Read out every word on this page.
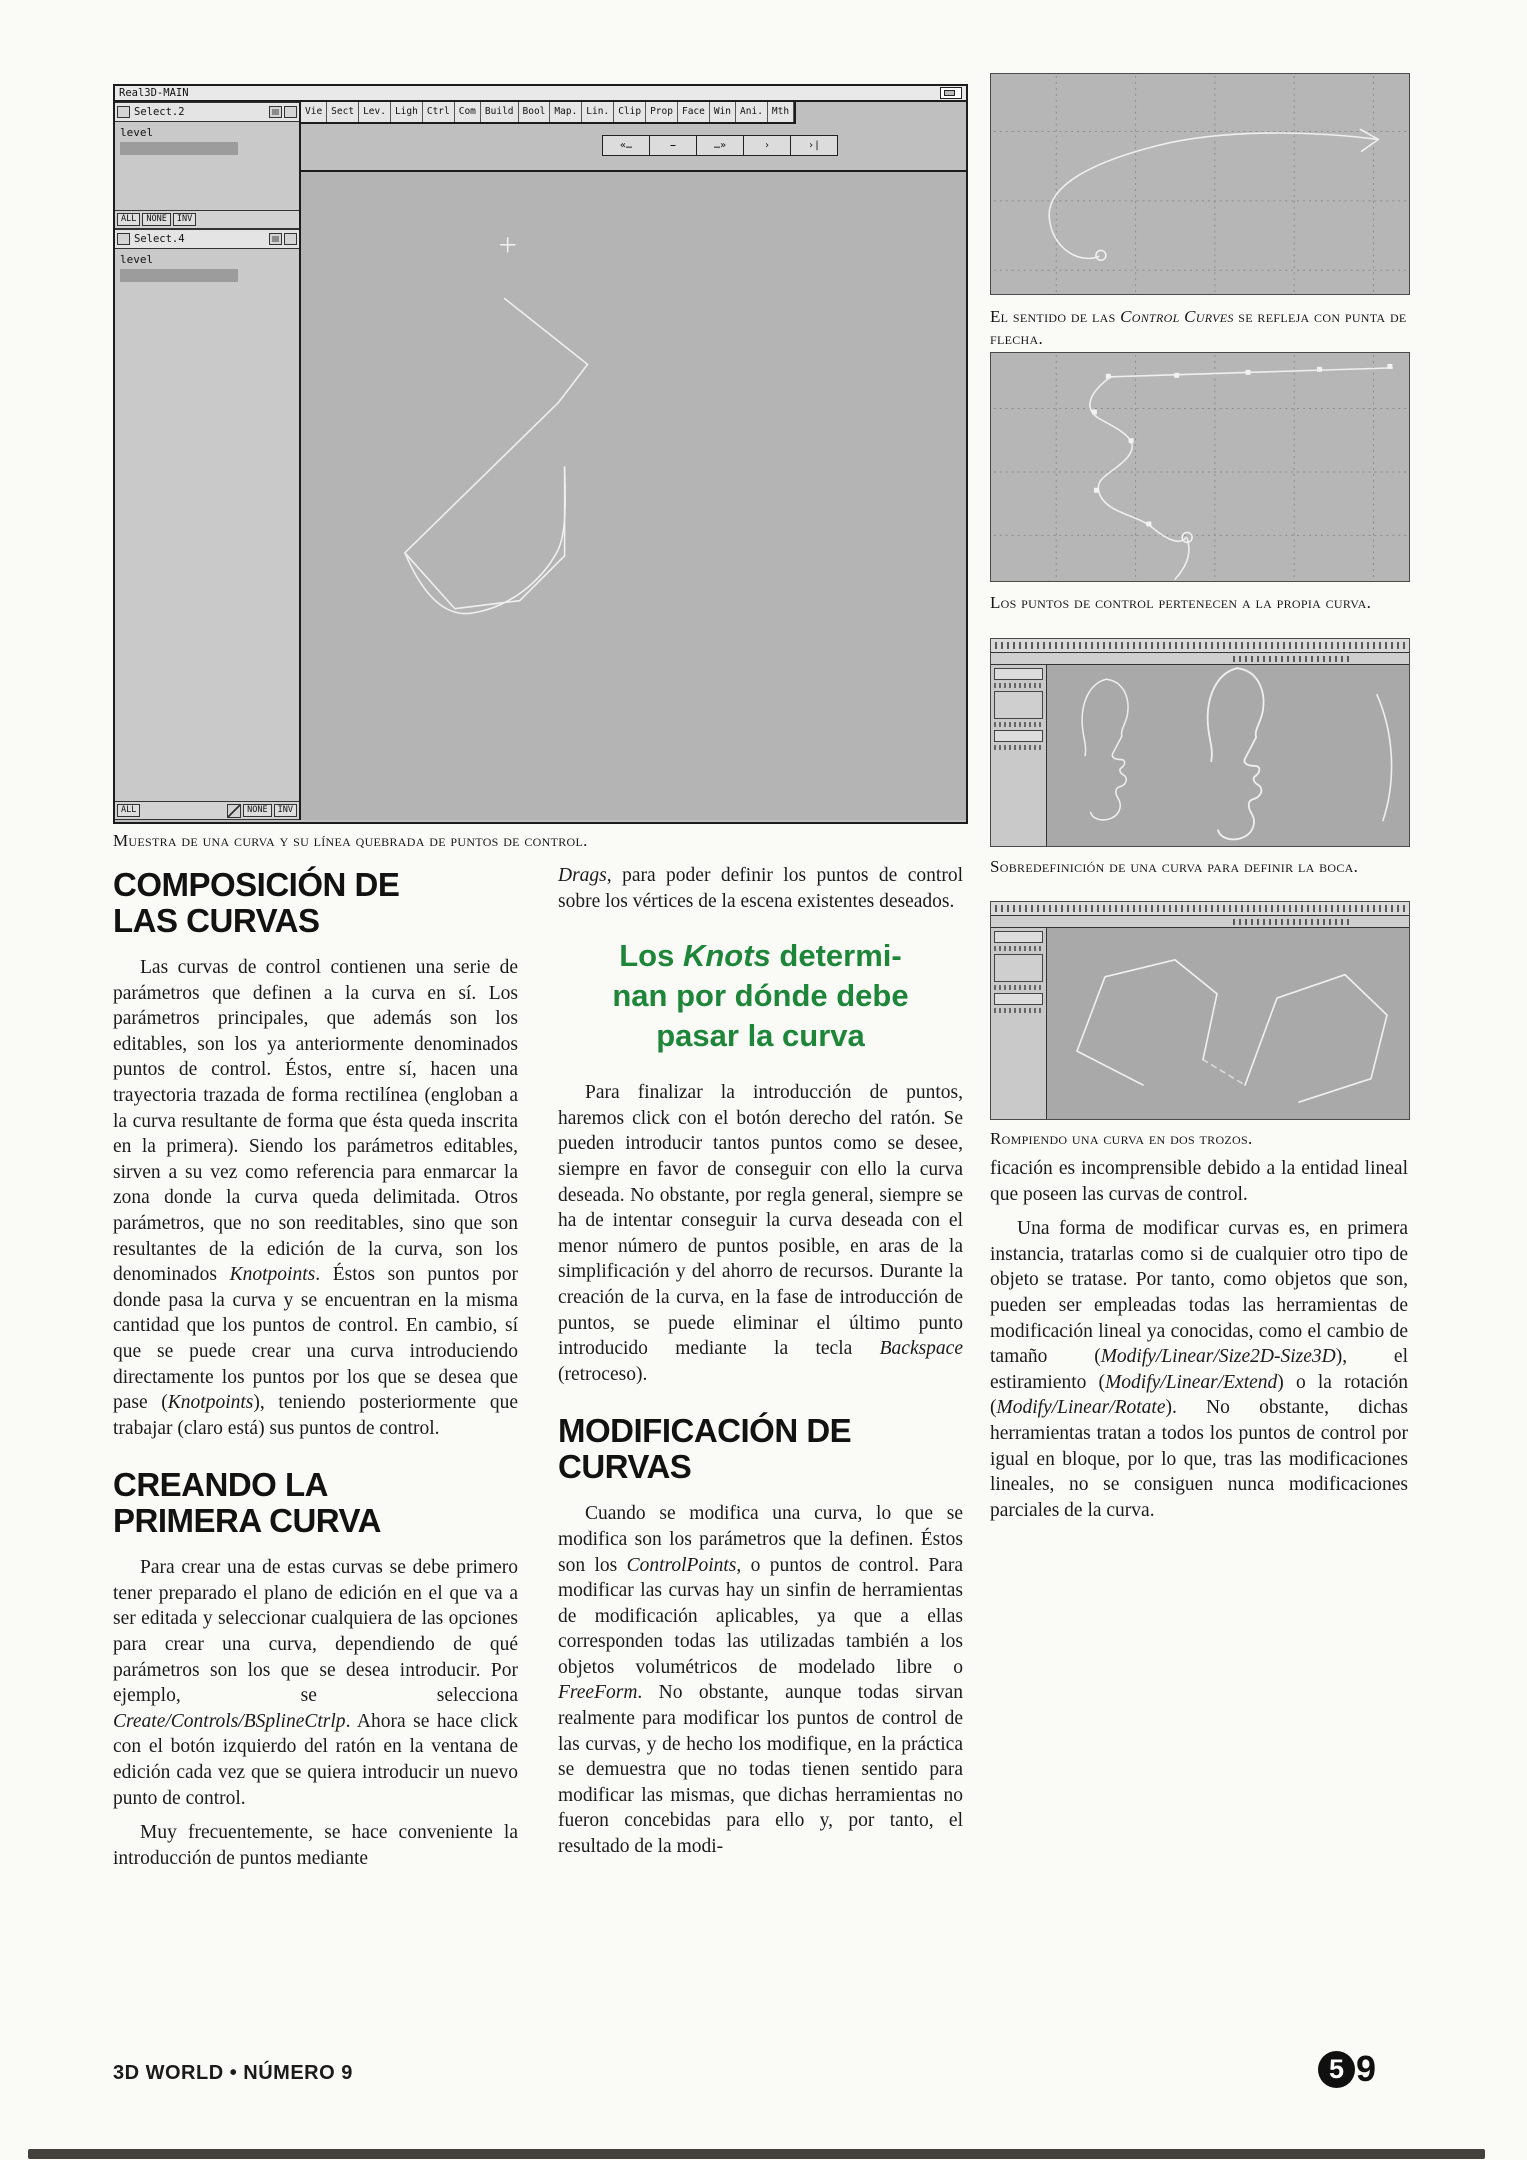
Real3D-MAIN
Select.2
level
ALL	NONE	INV
Select.4
level
ALL	NONE	INV
Vie Sect Lev. Ligh Ctrl Com Build Bool Map. Lin. Clip Prop Face Win Ani. Mth
«…	⎯	…»	›	›|
Muestra de una curva y su línea quebrada de puntos de control.
El sentido de las Control Curves se refleja con punta de flecha.
Los puntos de control pertenecen a la propia curva.
Sobredefinición de una curva para definir la boca.
Rompiendo una curva en dos trozos.
COMPOSICIÓN DE LAS CURVAS

Las curvas de control contienen una serie de parámetros que definen a la curva en sí. Los parámetros principales, que además son los editables, son los ya anteriormente denominados puntos de control. Éstos, entre sí, hacen una trayectoria trazada de forma rectilínea (engloban a la curva resultante de forma que ésta queda inscrita en la primera). Siendo los parámetros editables, sirven a su vez como referencia para enmarcar la zona donde la curva queda delimitada. Otros parámetros, que no son reeditables, sino que son resultantes de la edición de la curva, son los denominados Knotpoints. Éstos son puntos por donde pasa la curva y se encuentran en la misma cantidad que los puntos de control. En cambio, sí que se puede crear una curva introduciendo directamente los puntos por los que se desea que pase (Knotpoints), teniendo posteriormente que trabajar (claro está) sus puntos de control.

CREANDO LA PRIMERA CURVA

Para crear una de estas curvas se debe primero tener preparado el plano de edición en el que va a ser editada y seleccionar cualquiera de las opciones para crear una curva, dependiendo de qué parámetros son los que se desea introducir. Por ejemplo, se selecciona Create/Controls/BSplineCtrlp. Ahora se hace click con el botón izquierdo del ratón en la ventana de edición cada vez que se quiera introducir un nuevo punto de control.

Muy frecuentemente, se hace conveniente la introducción de puntos mediante

Drags, para poder definir los puntos de control sobre los vértices de la escena existentes deseados.

Los Knots determi-
nan por dónde debe
pasar la curva

Para finalizar la introducción de puntos, haremos click con el botón derecho del ratón. Se pueden introducir tantos puntos como se desee, siempre en favor de conseguir con ello la curva deseada. No obstante, por regla general, siempre se ha de intentar conseguir la curva deseada con el menor número de puntos posible, en aras de la simplificación y del ahorro de recursos. Durante la creación de la curva, en la fase de introducción de puntos, se puede eliminar el último punto introducido mediante la tecla Backspace (retroceso).

MODIFICACIÓN DE CURVAS

Cuando se modifica una curva, lo que se modifica son los parámetros que la definen. Éstos son los ControlPoints, o puntos de control. Para modificar las curvas hay un sinfin de herramientas de modificación aplicables, ya que a ellas corresponden todas las utilizadas también a los objetos volumétricos de modelado libre o FreeForm. No obstante, aunque todas sirvan realmente para modificar los puntos de control de las curvas, y de hecho los modifique, en la práctica se demuestra que no todas tienen sentido para modificar las mismas, que dichas herramientas no fueron concebidas para ello y, por tanto, el resultado de la modi-

ficación es incomprensible debido a la entidad lineal que poseen las curvas de control.

Una forma de modificar curvas es, en primera instancia, tratarlas como si de cualquier otro tipo de objeto se tratase. Por tanto, como objetos que son, pueden ser empleadas todas las herramientas de modificación lineal ya conocidas, como el cambio de tamaño (Modify/Linear/Size2D-Size3D), el estiramiento (Modify/Linear/Extend) o la rotación (Modify/Linear/Rotate). No obstante, dichas herramientas tratan a todos los puntos de control por igual en bloque, por lo que, tras las modificaciones lineales, no se consiguen nunca modificaciones parciales de la curva.

3D WORLD • NÚMERO 9	5 9
